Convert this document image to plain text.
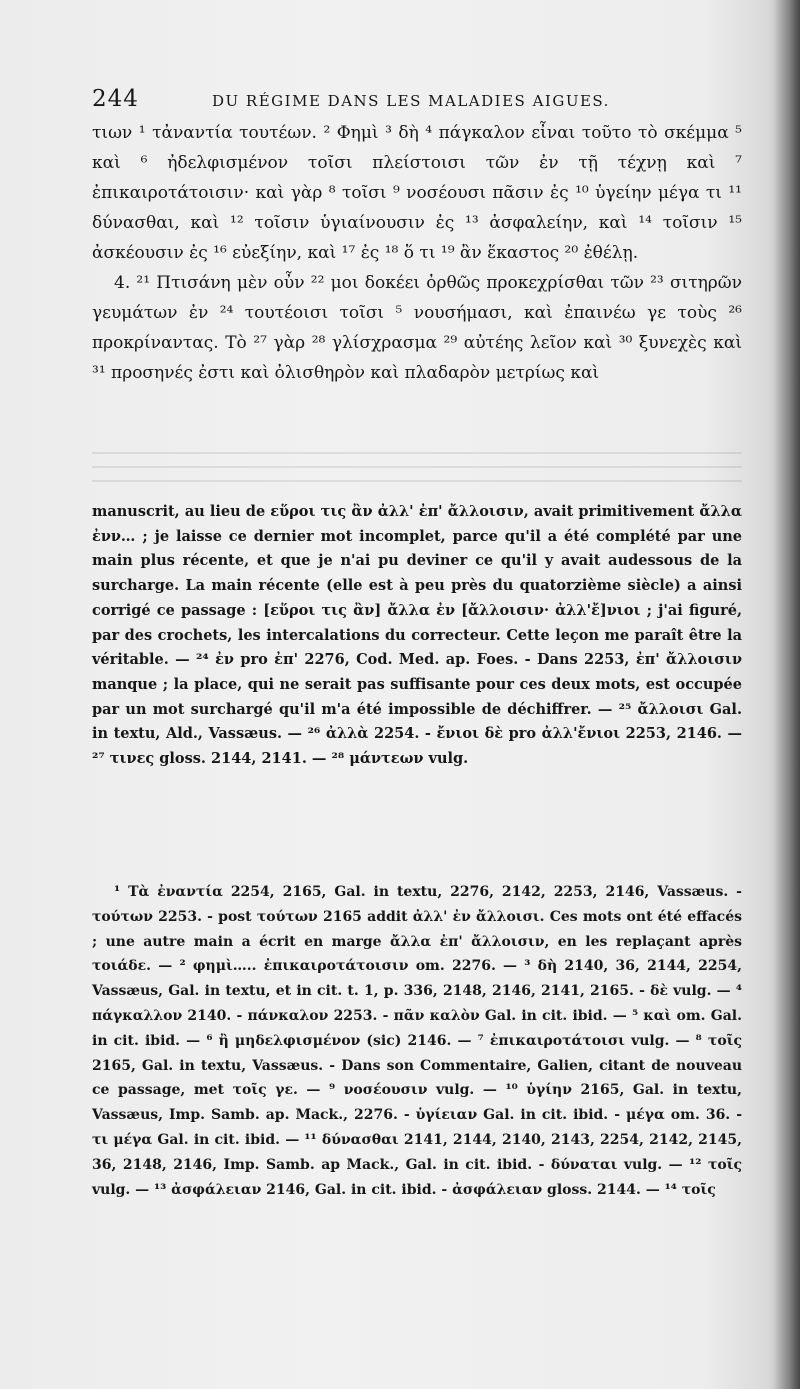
244	DU RÉGIME DANS LES MALADIES AIGUES.

τιων ¹ τἀναντία τουτέων. ² Φημὶ ³ δὴ ⁴ πάγκαλον εἶναι τοῦτο τὸ σκέμμα ⁵ καὶ ⁶ ἠδελφισμένον τοῖσι πλείστοισι τῶν ἐν τῇ τέχνῃ καὶ ⁷ ἐπικαιροτάτοισιν· καὶ γὰρ ⁸ τοῖσι ⁹ νοσέουσι πᾶσιν ἐς ¹⁰ ὑγείην μέγα τι ¹¹ δύνασθαι, καὶ ¹² τοῖσιν ὑγιαίνουσιν ἐς ¹³ ἀσφαλείην, καὶ ¹⁴ τοῖσιν ¹⁵ ἀσκέουσιν ἐς ¹⁶ εὐεξίην, καὶ ¹⁷ ἐς ¹⁸ ὅ τι ¹⁹ ἂν ἕκαστος ²⁰ ἐθέλῃ.

4. ²¹ Πτισάνη μὲν οὖν ²² μοι δοκέει ὀρθῶς προκεχρίσθαι τῶν ²³ σιτηρῶν γευμάτων ἐν ²⁴ τουτέοισι τοῖσι ⁵ νουσήμασι, καὶ ἐπαινέω γε τοὺς ²⁶ προκρίναντας. Τὸ ²⁷ γὰρ ²⁸ γλίσχρασμα ²⁹ αὐτέης λεῖον καὶ ³⁰ ξυνεχὲς καὶ ³¹ προσηνές ἐστι καὶ ὀλισθηρὸν καὶ πλαδαρὸν μετρίως καὶ

manuscrit, au lieu de εὕροι τις ἂν ἀλλ' ἐπ' ἄλλοισιν, avait primitivement ἄλλα ἐνν… ; je laisse ce dernier mot incomplet, parce qu'il a été complété par une main plus récente, et que je n'ai pu deviner ce qu'il y avait audessous de la surcharge. La main récente (elle est à peu près du quatorzième siècle) a ainsi corrigé ce passage : [εὕροι τις ἂν] ἄλλα ἐν [ἄλλοισιν· ἀλλ'ἔ]νιοι ; j'ai figuré, par des crochets, les intercalations du correcteur. Cette leçon me paraît être la véritable. — ²⁴ ἐν pro ἐπ' 2276, Cod. Med. ap. Foes. - Dans 2253, ἐπ' ἄλλοισιν manque ; la place, qui ne serait pas suffisante pour ces deux mots, est occupée par un mot surchargé qu'il m'a été impossible de déchiffrer. — ²⁵ ἄλλοισι Gal. in textu, Ald., Vassæus. — ²⁶ ἀλλὰ 2254. - ἔνιοι δὲ pro ἀλλ'ἔνιοι 2253, 2146. — ²⁷ τινες gloss. 2144, 2141. — ²⁸ μάντεων vulg.

¹ Τὰ ἐναντία 2254, 2165, Gal. in textu, 2276, 2142, 2253, 2146, Vassæus. - τούτων 2253. - post τούτων 2165 addit ἀλλ' ἐν ἄλλοισι. Ces mots ont été effacés ; une autre main a écrit en marge ἄλλα ἐπ' ἄλλοισιν, en les replaçant après τοιάδε. — ² φημὶ….. ἐπικαιροτάτοισιν om. 2276. — ³ δὴ 2140, 36, 2144, 2254, Vassæus, Gal. in textu, et in cit. t. 1, p. 336, 2148, 2146, 2141, 2165. - δὲ vulg. — ⁴ πάγκαλλον 2140. - πάνκαλον 2253. - πᾶν καλὸν Gal. in cit. ibid. — ⁵ καὶ om. Gal. in cit. ibid. — ⁶ ἢ μηδελφισμένον (sic) 2146. — ⁷ ἐπικαιροτάτοισι vulg. — ⁸ τοῖς 2165, Gal. in textu, Vassæus. - Dans son Commentaire, Galien, citant de nouveau ce passage, met τοῖς γε. — ⁹ νοσέουσιν vulg. — ¹⁰ ὑγίην 2165, Gal. in textu, Vassæus, Imp. Samb. ap. Mack., 2276. - ὑγίειαν Gal. in cit. ibid. - μέγα om. 36. - τι μέγα Gal. in cit. ibid. — ¹¹ δύνασθαι 2141, 2144, 2140, 2143, 2254, 2142, 2145, 36, 2148, 2146, Imp. Samb. ap Mack., Gal. in cit. ibid. - δύναται vulg. — ¹² τοῖς vulg. — ¹³ ἀσφάλειαν 2146, Gal. in cit. ibid. - ἀσφάλειαν gloss. 2144. — ¹⁴ τοῖς
